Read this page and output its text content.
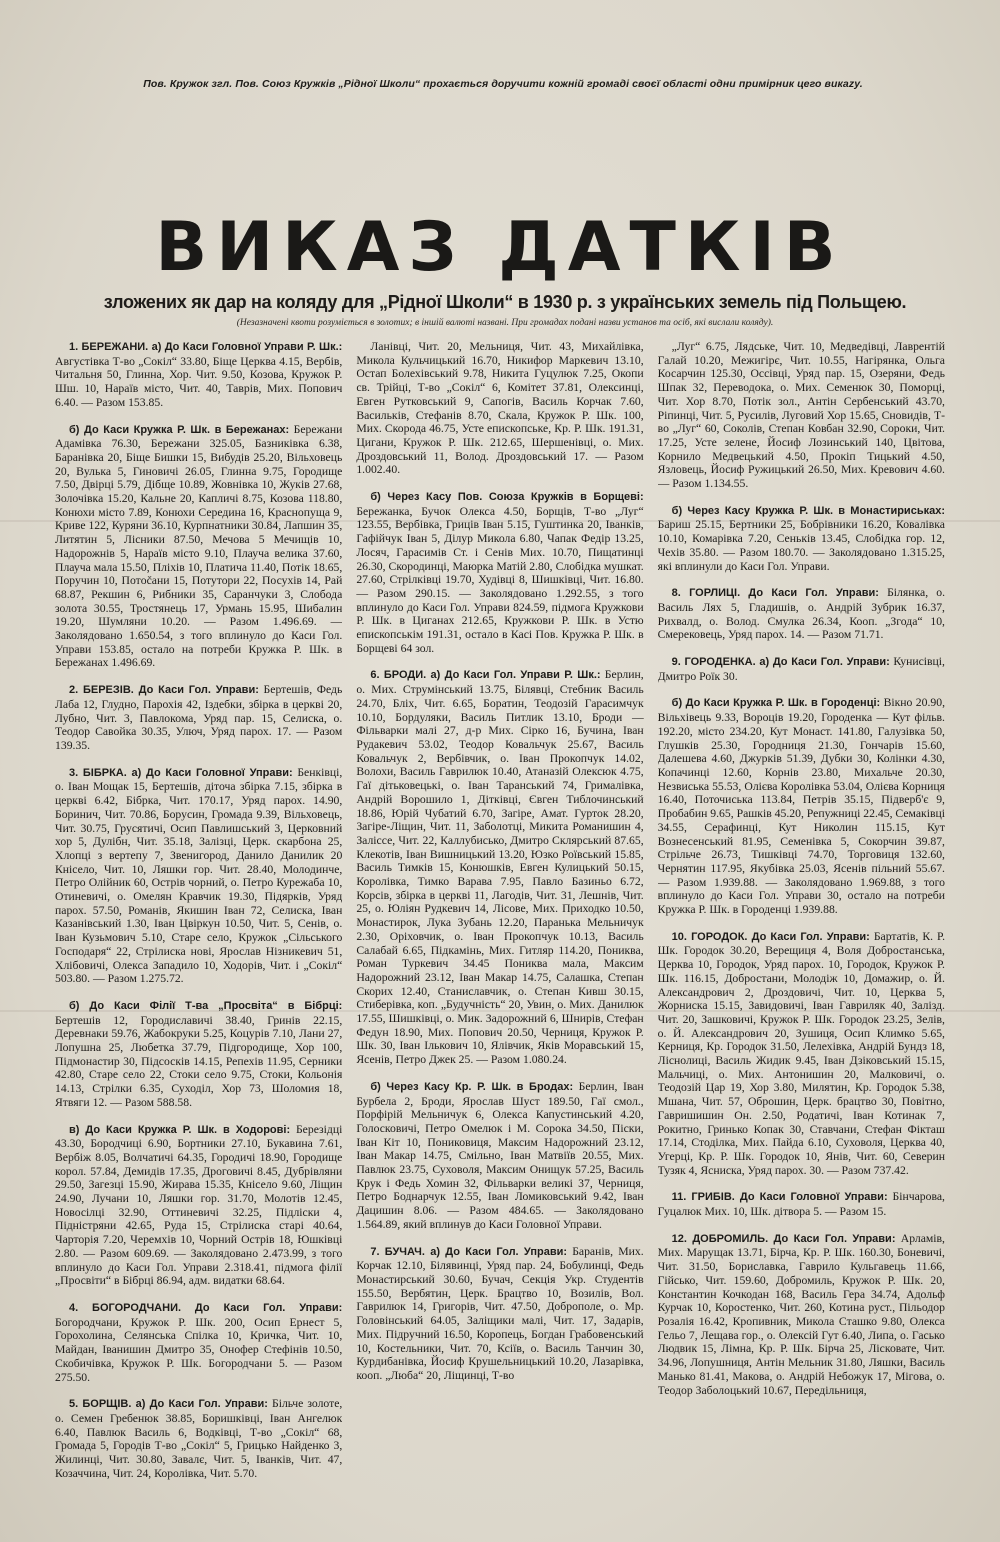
Пов. Кружок згл. Пов. Союз Кружків „Рідної Школи“ прохається доручити кожній громаді своєї області одни примірник цего викazу.
ВИКАЗ ДАТКІВ
зложених як дар на коляду для „Рідної Школи“ в 1930 р. з українських земель під Польщею.
(Незазначені квоти розуміється в золотих; в іншій валюті названі. При громадах подані назви установ та осіб, які вислали коляду).

1. БЕРЕЖАНИ. а) До Каси Головної Управи Р. Шк.: Августівка Т-во „Сокіл“ 33.80, Біще Церква 4.15, Вербів, Читальня 50, Глинна, Хор. Чит. 9.50, Козова, Кружок Р. Шш. 10, Нараїв місто, Чит. 40, Таврів, Мих. Попович 6.40. — Разом 153.85.

б) До Каси Кружка Р. Шк. в Бережанах: Бережани Адамівка 76.30, Бережани 325.05, Базниківка 6.38, Баранівка 20, Біще Бишки 15, Вибудів 25.20, Вільховець 20, Вулька 5, Гиновичі 26.05, Глинна 9.75, Городище 7.50, Двірці 5.79, Дібще 10.89, Жовнівка 10, Жуків 27.68, Золочівка 15.20, Кальне 20, Капличі 8.75, Козова 118.80, Конюхи місто 7.89, Конюхи Середина 16, Краснопуща 9, Криве 122, Куряни 36.10, Курпнатники 30.84, Лапшин 35, Литятин 5, Лісники 87.50, Мечова 5 Мечищів 10, Надорожнів 5, Нараїв місто 9.10, Плауча велика 37.60, Плауча мала 15.50, Пліхів 10, Платича 11.40, Потік 18.65, Поручин 10, Потočани 15, Потутори 22, Посухів 14, Рай 68.87, Рекшин 6, Рибники 35, Саранчуки 3, Слобода золота 30.55, Тростянець 17, Урмань 15.95, Шибалин 19.20, Шумляни 10.20. — Разом 1.496.69. — Заколядовано 1.650.54, з того вплинуло до Каси Гол. Управи 153.85, остало на потреби Кружка Р. Шк. в Бережанах 1.496.69.

2. БЕРЕЗІВ. До Каси Гол. Управи: Бертешів, Федь Лаба 12, Глудно, Парохія 42, Іздебки, збірка в церкві 20, Лубно, Чит. 3, Павлокома, Уряд пар. 15, Селиска, о. Теодор Савойка 30.35, Улюч, Уряд парох. 17. — Разом 139.35.

3. БІБРКА. а) До Каси Головної Управи: Бенківці, о. Іван Мощак 15, Бертешів, діточа збірка 7.15, збірка в церкві 6.42, Бібрка, Чит. 170.17, Уряд парох. 14.90, Боринич, Чит. 70.86, Борусин, Громада 9.39, Вільховець, Чит. 30.75, Грусятичі, Осип Павлишський 3, Церковний хор 5, Дулібн, Чит. 35.18, Залізці, Церк. скарбона 25, Хлопці з вертепу 7, Звенигород, Данило Данилик 20 Кнісело, Чит. 10, Ляшки гор. Чит. 28.40, Молодинче, Петро Олійник 60, Острів чорний, о. Петро Курежаба 10, Отиневичі, о. Омелян Кравчик 19.30, Підярків, Уряд парох. 57.50, Романів, Якишин Іван 72, Селиска, Іван Казанівський 1.30, Іван Цвіркун 10.50, Чит. 5, Сенів, о. Іван Кузьмович 5.10, Старе село, Кружок „Сільського Господаря“ 22, Стрілиска нові, Ярослав Нізникевич 51, Хлібовичі, Олекса Западило 10, Ходорів, Чит. і „Сокіл“ 503.80. — Разом 1.275.72.

б) До Каси Філії Т-ва „Просвіта“ в Бібрці: Бертешів 12, Городиславичі 38.40, Гринів 22.15, Деревнаки 59.76, Жабокруки 5.25, Коцурів 7.10, Лани 27, Лопушна 25, Любетка 37.79, Підгородище, Хор 100, Підмонастир 30, Підсосків 14.15, Репехів 11.95, Серники 42.80, Старе село 22, Стоки село 9.75, Стоки, Кольонія 14.13, Стрілки 6.35, Суходіл, Хор 73, Шоломия 18, Ятвяги 12. — Разом 588.58.

в) До Каси Кружка Р. Шк. в Ходорові: Березідці 43.30, Бородчиці 6.90, Бортники 27.10, Букавина 7.61, Вербіж 8.05, Волчатичі 64.35, Городичі 18.90, Городище корол. 57.84, Демидів 17.35, Дроговичі 8.45, Дубрівляни 29.50, Загезці 15.90, Жирава 15.35, Кнісело 9.60, Ліщин 24.90, Лучани 10, Ляшки гор. 31.70, Молотів 12.45, Новосілці 32.90, Оттиневичі 32.25, Підліски 4, Підністряни 42.65, Руда 15, Стрілиска старі 40.64, Чарторія 7.20, Черемхів 10, Чорний Острів 18, Юшківці 2.80. — Разом 609.69. — Заколядовано 2.473.99, з того вплинуло до Каси Гол. Управи 2.318.41, підмога філії „Просвіти“ в Бібрці 86.94, адм. видатки 68.64.

4. БОГОРОДЧАНИ. До Каси Гол. Управи: Богородчани, Кружок Р. Шк. 200, Осип Ернест 5, Горохолина, Селянська Спілка 10, Кричка, Чит. 10, Майдан, Іванишин Дмитро 35, Онофер Стефінів 10.50, Скобичівка, Кружок Р. Шк. Богородчани 5. — Разом 275.50.

5. БОРЩІВ. а) До Каси Гол. Управи: Більче золоте, о. Семен Гребенюк 38.85, Боришківці, Іван Ангелюк 6.40, Павлюк Василь 6, Водківці, Т-во „Сокіл“ 68, Громада 5, Городів Т-во „Сокіл“ 5, Грицько Найденко 3, Жилинці, Чит. 30.80, Завалє, Чит. 5, Іванків, Чит. 47, Козаччина, Чит. 24, Королівка, Чит. 5.70.

Ланівці, Чит. 20, Мельниця, Чит. 43, Михайлівка, Микола Кульчицький 16.70, Никифор Маркевич 13.10, Остап Болехівський 9.78, Никита Гуцулюк 7.25, Окопи св. Трійці, Т-во „Сокіл“ 6, Комітет 37.81, Олексинці, Евген Рутковський 9, Сапогів, Василь Корчак 7.60, Васильків, Стефанів 8.70, Скала, Кружок Р. Шк. 100, Мих. Скорода 46.75, Усте епископське, Кр. Р. Шк. 191.31, Цигани, Кружок Р. Шк. 212.65, Шершенівці, о. Мих. Дроздовський 11, Волод. Дроздовський 17. — Разом 1.002.40.

б) Через Касу Пов. Союза Кружків в Борщеві: Бережанка, Бучок Олекса 4.50, Борщів, Т-во „Луг“ 123.55, Вербівка, Гриців Іван 5.15, Гуштинка 20, Іванків, Гафійчук Іван 5, Ділур Микола 6.80, Чапак Федір 13.25, Лосяч, Гарасимів Ст. і Сенів Мих. 10.70, Пищатинці 26.30, Скородинці, Маюрка Матій 2.80, Слобідка мушкат. 27.60, Стрілківці 19.70, Худівці 8, Шишківці, Чит. 16.80. — Разом 290.15. — Заколядовано 1.292.55, з того вплинуло до Каси Гол. Управи 824.59, підмога Кружкови Р. Шк. в Циганах 212.65, Кружкови Р. Шк. в Устю епископськім 191.31, остало в Касі Пов. Кружка Р. Шк. в Борщеві 64 зол.

6. БРОДИ. а) До Каси Гол. Управи Р. Шк.: Берлин, о. Мих. Струмінський 13.75, Білявці, Стебник Василь 24.70, Бліх, Чит. 6.65, Боратин, Теодозій Гарасимчук 10.10, Бордуляки, Василь Питлик 13.10, Броди — Фільварки малі 27, д-р Мих. Сірко 16, Бучина, Іван Рудакевич 53.02, Теодор Ковальчук 25.67, Василь Ковальчук 2, Вербівчик, о. Іван Прокопчук 14.02, Волохи, Василь Гаврилюк 10.40, Атаназій Олексюк 4.75, Гаї дітьковецькі, о. Іван Таранський 74, Грималівка, Андрій Ворошило 1, Дітківці, Євген Тиблочинський 18.86, Юрій Чубатий 6.70, Загіре, Амат. Гурток 28.20, Загіре-Ліщин, Чит. 11, Заболотці, Микита Романишин 4, Заліссе, Чит. 22, Каллубисько, Дмитро Склярський 87.65, Клекотів, Іван Вишницький 13.20, Юзко Роївський 15.85, Василь Тимків 15, Конюшків, Евген Кулицький 50.15, Королівка, Тимко Варава 7.95, Павло Базиньо 6.72, Корсів, збірка в церкві 11, Лагодів, Чит. 31, Лешнів, Чит. 25, о. Юліян Рудкевич 14, Лісове, Мих. Приходко 10.50, Монастирок, Лука Зубань 12.20, Паранька Мельничук 2.30, Оріховчик, о. Іван Прокопчук 10.13, Василь Салабай 6.65, Підкамінь, Мих. Гитляр 114.20, Пониква, Роман Туркевич 34.45 Пониква мала, Максим Надорожний 23.12, Іван Макар 14.75, Салашка, Степан Скорих 12.40, Станиславчик, о. Степан Кивш 30.15, Стиберівка, коп. „Будучність“ 20, Увин, о. Мих. Данилюк 17.55, Шишківці, о. Мик. Задорожний 6, Шнирів, Стефан Федун 18.90, Мих. Попович 20.50, Черниця, Кружок Р. Шк. 30, Іван Ількович 10, Ялівчик, Яків Моравський 15, Ясенів, Петро Джек 25. — Разом 1.080.24.

б) Через Касу Кр. Р. Шк. в Бродах: Берлин, Іван Бурбела 2, Броди, Ярослав Шуст 189.50, Гаї смол., Порфірій Мельничук 6, Олекса Капустинський 4.20, Голосковичі, Петро Омелюк і М. Сорока 34.50, Піски, Іван Кіт 10, Пониковиця, Максим Надорожний 23.12, Іван Макар 14.75, Смільно, Іван Матвіїв 20.55, Мих. Павлюк 23.75, Суховоля, Максим Онищук 57.25, Василь Крук і Федь Хомин 32, Фільварки великі 37, Черниця, Петро Боднарчук 12.55, Іван Ломиковський 9.42, Іван Дацишин 8.06. — Разом 484.65. — Заколядовано 1.564.89, який вплинув до Каси Головної Управи.

7. БУЧАЧ. а) До Каси Гол. Управи: Баранів, Мих. Корчак 12.10, Білявинці, Уряд пар. 24, Бобулинці, Федь Монастирський 30.60, Бучач, Секція Укр. Студентів 155.50, Вербятин, Церк. Брацтво 10, Возилів, Вол. Гаврилюк 14, Григорів, Чит. 47.50, Доброполе, о. Мр. Головінський 64.05, Заліщики малі, Чит. 17, Задарів, Мих. Підручний 16.50, Коропець, Богдан Грабовенський 10, Костельники, Чит. 70, Ксіїв, о. Василь Танчин 30, Курдибанівка, Йосиф Крушельницький 10.20, Лазарівка, кооп. „Люба“ 20, Ліщинці, Т-во

„Луг“ 6.75, Лядське, Чит. 10, Медведівці, Лаврентій Галай 10.20, Межигірє, Чит. 10.55, Нагірянка, Ольга Косарчин 125.30, Оссівці, Уряд пар. 15, Озеряни, Федь Шпак 32, Переводока, о. Мих. Семенюк 30, Поморці, Чит. Хор 8.70, Потік зол., Антін Сербенський 43.70, Ріпинці, Чит. 5, Русилів, Луговий Хор 15.65, Сновидів, Т-во „Луг“ 60, Соколів, Степан Ковбан 32.90, Сороки, Чит. 17.25, Усте зелене, Йосиф Лозинський 140, Цвітова, Корнило Медвецький 4.50, Прокіп Тицький 4.50, Язловець, Йосиф Ружицький 26.50, Мих. Кревович 4.60. — Разом 1.134.55.

б) Через Касу Кружка Р. Шк. в Монастириськах: Бариш 25.15, Бертники 25, Бобрівники 16.20, Ковалівка 10.10, Комарівка 7.20, Сеньків 13.45, Слобідка гор. 12, Чехів 35.80. — Разом 180.70. — Заколядовано 1.315.25, які вплинули до Каси Гол. Управи.

8. ГОРЛИЦІ. До Каси Гол. Управи: Білянка, о. Василь Лях 5, Гладишів, о. Андрій Зубрик 16.37, Рихвалд, о. Волод. Смулка 26.34, Кооп. „Згода“ 10, Смерековець, Уряд парох. 14. — Разом 71.71.

9. ГОРОДЕНКА. а) До Каси Гол. Управи: Кунисівці, Дмитро Роїк 30.

б) До Каси Кружка Р. Шк. в Городенці: Вікно 20.90, Вільхівець 9.33, Вороців 19.20, Городенка — Кут фільв. 192.20, місто 234.20, Кут Монаст. 141.80, Галузівка 50, Глушків 25.30, Городниця 21.30, Гончарів 15.60, Далешева 4.60, Джурків 51.39, Дубки 30, Колінки 4.30, Копачинці 12.60, Корнів 23.80, Михальче 20.30, Незвиська 55.53, Олієва Королівка 53.04, Олієва Корниця 16.40, Поточиська 113.84, Петрів 35.15, Підверб'є 9, Пробабин 9.65, Рашків 45.20, Репужниці 22.45, Семаківці 34.55, Серафинці, Кут Николин 115.15, Кут Вознесенський 81.95, Семенівка 5, Сокорчин 39.87, Стрільче 26.73, Тишківці 74.70, Торговиця 132.60, Чернятин 117.95, Якубівка 25.03, Ясенів пільний 55.67. — Разом 1.939.88. — Заколядовано 1.969.88, з того вплинуло до Каси Гол. Управи 30, остало на потреби Кружка Р. Шк. в Городенці 1.939.88.

10. ГОРОДОК. До Каси Гол. Управи: Бартатів, К. Р. Шк. Городок 30.20, Верещиця 4, Воля Добростанська, Церква 10, Городок, Уряд парох. 10, Городок, Кружок Р. Шк. 116.15, Добростани, Молодіж 10, Домажир, о. Й. Александрович 2, Дроздовичі, Чит. 10, Церква 5, Жорниска 15.15, Завидовичі, Іван Гавриляк 40, Залізд. Чит. 20, Зашковичі, Кружок Р. Шк. Городок 23.25, Зелів, о. Й. Александрович 20, Зушиця, Осип Климко 5.65, Керниця, Кр. Городок 31.50, Лелехівка, Андрій Бундз 18, Ліснолиці, Василь Жидик 9.45, Іван Дзіковський 15.15, Мальчиці, о. Мих. Антонишин 20, Малковичі, о. Теодозій Цар 19, Хор 3.80, Милятин, Кр. Городок 5.38, Мшана, Чит. 57, Оброшин, Церк. брацтво 30, Повітно, Гавришишин Он. 2.50, Родатичі, Іван Котинак 7, Рокитно, Гринько Копак 30, Ставчани, Стефан Фікташ 17.14, Стоділка, Мих. Пайда 6.10, Суховоля, Церква 40, Угерці, Кр. Р. Шк. Городок 10, Янів, Чит. 60, Северин Тузяк 4, Ясниска, Уряд парох. 30. — Разом 737.42.

11. ГРИБІВ. До Каси Головної Управи: Бінчарова, Гуцалюк Мих. 10, Шк. дітвора 5. — Разом 15.

12. ДОБРОМИЛЬ. До Каси Гол. Управи: Арламів, Мих. Марущак 13.71, Бірча, Кр. Р. Шк. 160.30, Боневичі, Чит. 31.50, Бориславка, Гаврило Кульгавець 11.66, Гійсько, Чит. 159.60, Добромиль, Кружок Р. Шк. 20, Константин Кочкодан 168, Василь Гера 34.74, Адольф Курчак 10, Коростенко, Чит. 260, Котина руст., Пільодор Розалія 16.42, Кропивник, Микола Сташко 9.80, Олекса Гельо 7, Лещава гор., о. Олексій Гут 6.40, Липа, о. Гасько Людвик 15, Лімна, Кр. Р. Шк. Бірча 25, Лісковате, Чит. 34.96, Лопушниця, Антін Мельник 31.80, Ляшки, Василь Манько 81.41, Макова, о. Андрій Небожук 17, Мігова, о. Теодор Заболоцький 10.67, Передільниця,
